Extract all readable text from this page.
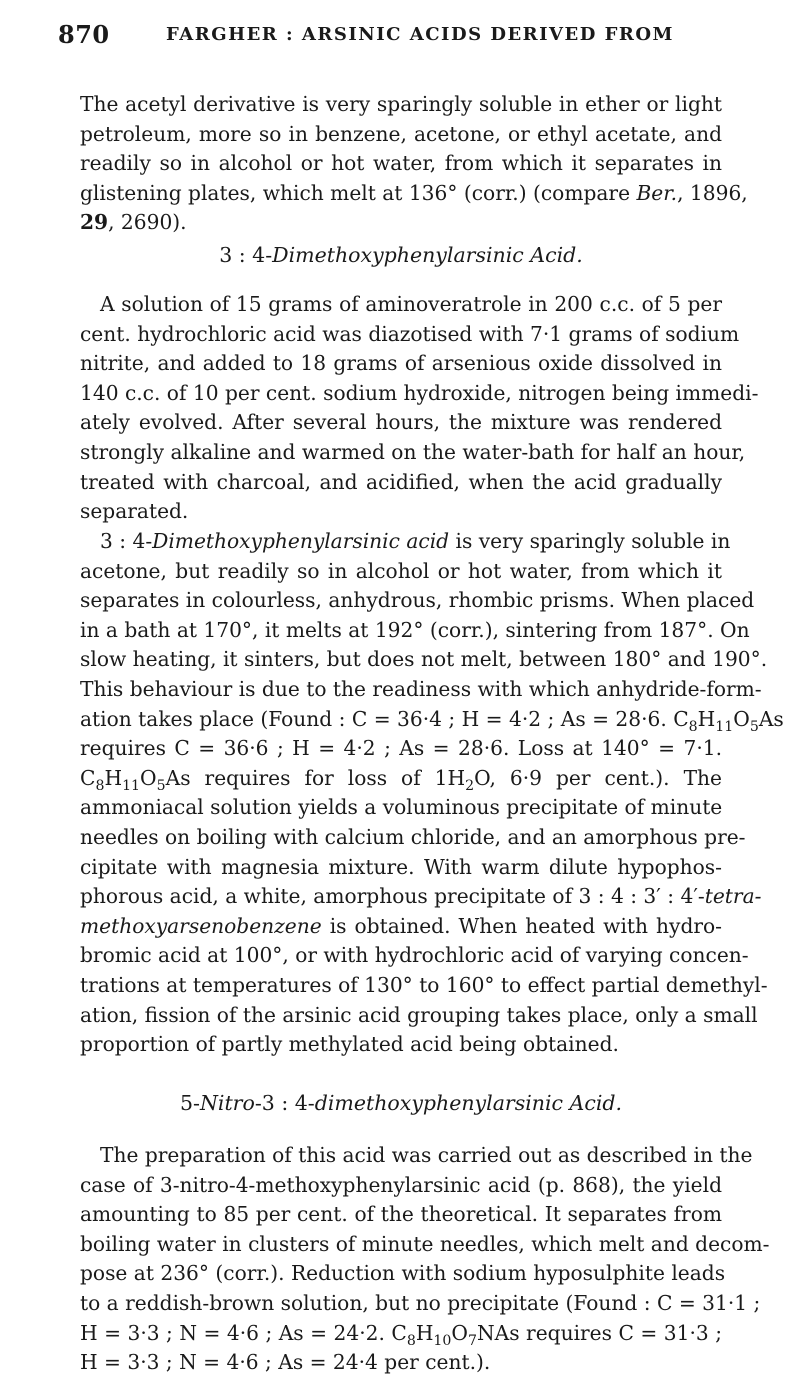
870	FARGHER : ARSINIC ACIDS DERIVED FROM
The acetyl derivative is very sparingly soluble in ether or light
petroleum, more so in benzene, acetone, or ethyl acetate, and
readily so in alcohol or hot water, from which it separates in
glistening plates, which melt at 136° (corr.) (compare Ber., 1896,
29, 2690).
3 : 4-Dimethoxyphenylarsinic Acid.
A solution of 15 grams of aminoveratrole in 200 c.c. of 5 per
cent. hydrochloric acid was diazotised with 7·1 grams of sodium
nitrite, and added to 18 grams of arsenious oxide dissolved in
140 c.c. of 10 per cent. sodium hydroxide, nitrogen being immedi-
ately evolved. After several hours, the mixture was rendered
strongly alkaline and warmed on the water-bath for half an hour,
treated with charcoal, and acidified, when the acid gradually
separated.
3 : 4-Dimethoxyphenylarsinic acid is very sparingly soluble in
acetone, but readily so in alcohol or hot water, from which it
separates in colourless, anhydrous, rhombic prisms. When placed
in a bath at 170°, it melts at 192° (corr.), sintering from 187°. On
slow heating, it sinters, but does not melt, between 180° and 190°.
This behaviour is due to the readiness with which anhydride-form-
ation takes place (Found : C = 36·4 ; H = 4·2 ; As = 28·6. $C_8H_{11}O_5As$
requires C = 36·6 ; H = 4·2 ; As = 28·6. Loss at 140° = 7·1.
$C_8H_{11}O_5As$ requires for loss of $1H_2O$, 6·9 per cent.). The
ammoniacal solution yields a voluminous precipitate of minute
needles on boiling with calcium chloride, and an amorphous pre-
cipitate with magnesia mixture. With warm dilute hypophos-
phorous acid, a white, amorphous precipitate of 3 : 4 : 3′ : 4′-tetra-
methoxyarsenobenzene is obtained. When heated with hydro-
bromic acid at 100°, or with hydrochloric acid of varying concen-
trations at temperatures of 130° to 160° to effect partial demethyl-
ation, fission of the arsinic acid grouping takes place, only a small
proportion of partly methylated acid being obtained.
5-Nitro-3 : 4-dimethoxyphenylarsinic Acid.
The preparation of this acid was carried out as described in the
case of 3-nitro-4-methoxyphenylarsinic acid (p. 868), the yield
amounting to 85 per cent. of the theoretical. It separates from
boiling water in clusters of minute needles, which melt and decom-
pose at 236° (corr.). Reduction with sodium hyposulphite leads
to a reddish-brown solution, but no precipitate (Found : C = 31·1 ;
H = 3·3 ; N = 4·6 ; As = 24·2. $C_8H_{10}O_7NAs$ requires C = 31·3 ;
H = 3·3 ; N = 4·6 ; As = 24·4 per cent.).
